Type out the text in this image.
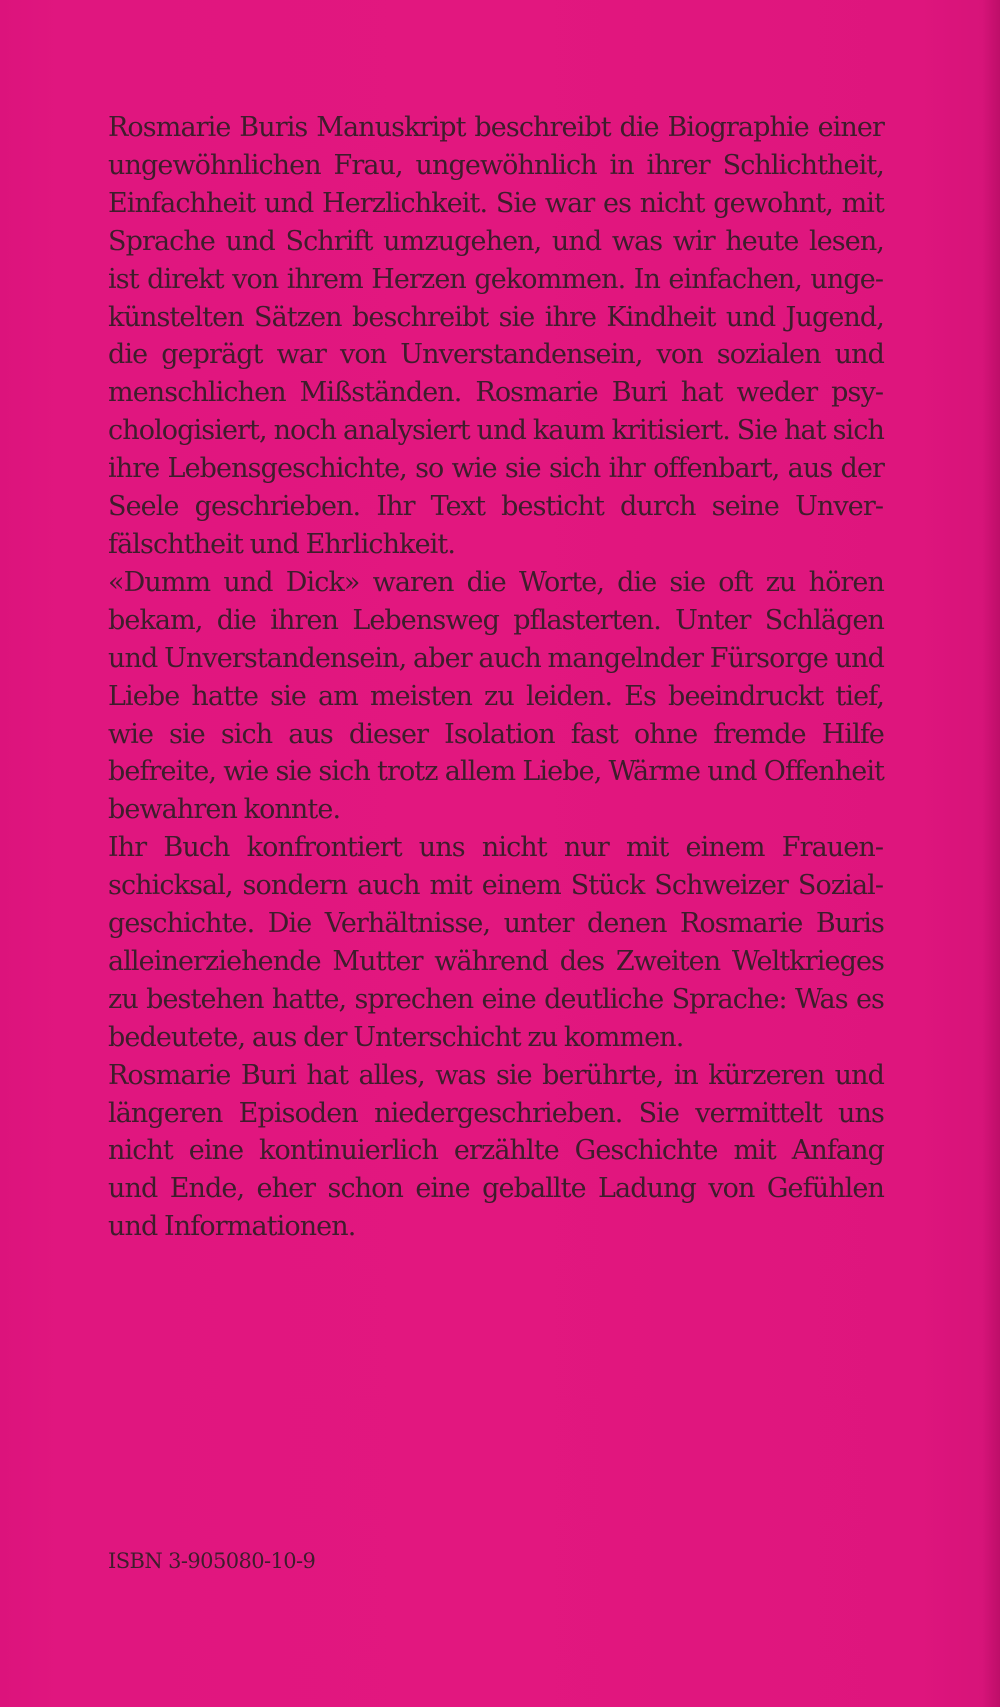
Rosmarie Buris Manuskript beschreibt die Biographie einer ungewöhnlichen Frau, ungewöhnlich in ihrer Schlichtheit, Einfachheit und Herzlichkeit. Sie war es nicht gewohnt, mit Sprache und Schrift umzugehen, und was wir heute lesen, ist direkt von ihrem Herzen gekommen. In einfachen, ungekünstelten Sätzen beschreibt sie ihre Kindheit und Jugend, die geprägt war von Unverstandensein, von sozialen und menschlichen Mißständen. Rosmarie Buri hat weder psychologisiert, noch analysiert und kaum kritisiert. Sie hat sich ihre Lebensgeschichte, so wie sie sich ihr offenbart, aus der Seele geschrieben. Ihr Text besticht durch seine Unverfälschtheit und Ehrlichkeit.

«Dumm und Dick» waren die Worte, die sie oft zu hören bekam, die ihren Lebensweg pflasterten. Unter Schlägen und Unverstandensein, aber auch mangelnder Fürsorge und Liebe hatte sie am meisten zu leiden. Es beeindruckt tief, wie sie sich aus dieser Isolation fast ohne fremde Hilfe befreite, wie sie sich trotz allem Liebe, Wärme und Offenheit bewahren konnte.

Ihr Buch konfrontiert uns nicht nur mit einem Frauenschicksal, sondern auch mit einem Stück Schweizer Sozialgeschichte. Die Verhältnisse, unter denen Rosmarie Buris alleinerziehende Mutter während des Zweiten Weltkrieges zu bestehen hatte, sprechen eine deutliche Sprache: Was es bedeutete, aus der Unterschicht zu kommen.

Rosmarie Buri hat alles, was sie berührte, in kürzeren und längeren Episoden niedergeschrieben. Sie vermittelt uns nicht eine kontinuierlich erzählte Geschichte mit Anfang und Ende, eher schon eine geballte Ladung von Gefühlen und Informationen.

ISBN 3-905080-10-9
